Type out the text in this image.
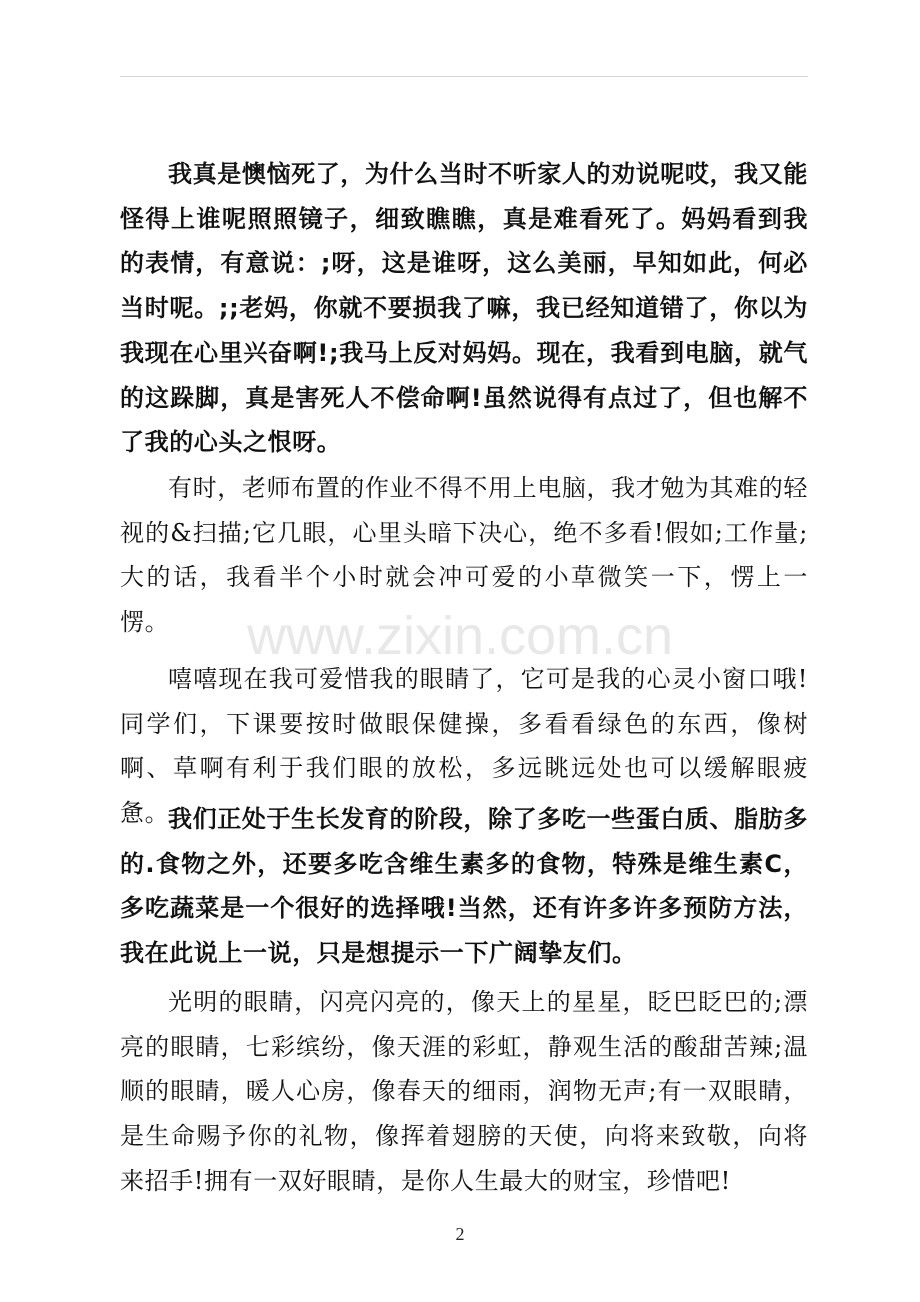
www.zixin.com.cn

我真是懊恼死了，为什么当时不听家人的劝说呢哎，我又能怪得上谁呢照照镜子，细致瞧瞧，真是难看死了。妈妈看到我的表情，有意说：;呀，这是谁呀，这么美丽，早知如此，何必当时呢。;;老妈，你就不要损我了嘛，我已经知道错了，你以为我现在心里兴奋啊!;我马上反对妈妈。现在，我看到电脑，就气的这跺脚，真是害死人不偿命啊!虽然说得有点过了，但也解不了我的心头之恨呀。

有时，老师布置的作业不得不用上电脑，我才勉为其难的轻视的&扫描;它几眼，心里头暗下决心，绝不多看!假如;工作量;大的话，我看半个小时就会冲可爱的小草微笑一下，愣上一愣。

嘻嘻现在我可爱惜我的眼睛了，它可是我的心灵小窗口哦!同学们，下课要按时做眼保健操，多看看绿色的东西，像树啊、草啊有利于我们眼的放松，多远眺远处也可以缓解眼疲惫。

我们正处于生长发育的阶段，除了多吃一些蛋白质、脂肪多的.食物之外，还要多吃含维生素多的食物，特殊是维生素C，多吃蔬菜是一个很好的选择哦!当然，还有许多许多预防方法，我在此说上一说，只是想提示一下广阔挚友们。

光明的眼睛，闪亮闪亮的，像天上的星星，眨巴眨巴的;漂亮的眼睛，七彩缤纷，像天涯的彩虹，静观生活的酸甜苦辣;温顺的眼睛，暖人心房，像春天的细雨，润物无声;有一双眼睛，是生命赐予你的礼物，像挥着翅膀的天使，向将来致敬，向将来招手!拥有一双好眼睛，是你人生最大的财宝，珍惜吧!

2
